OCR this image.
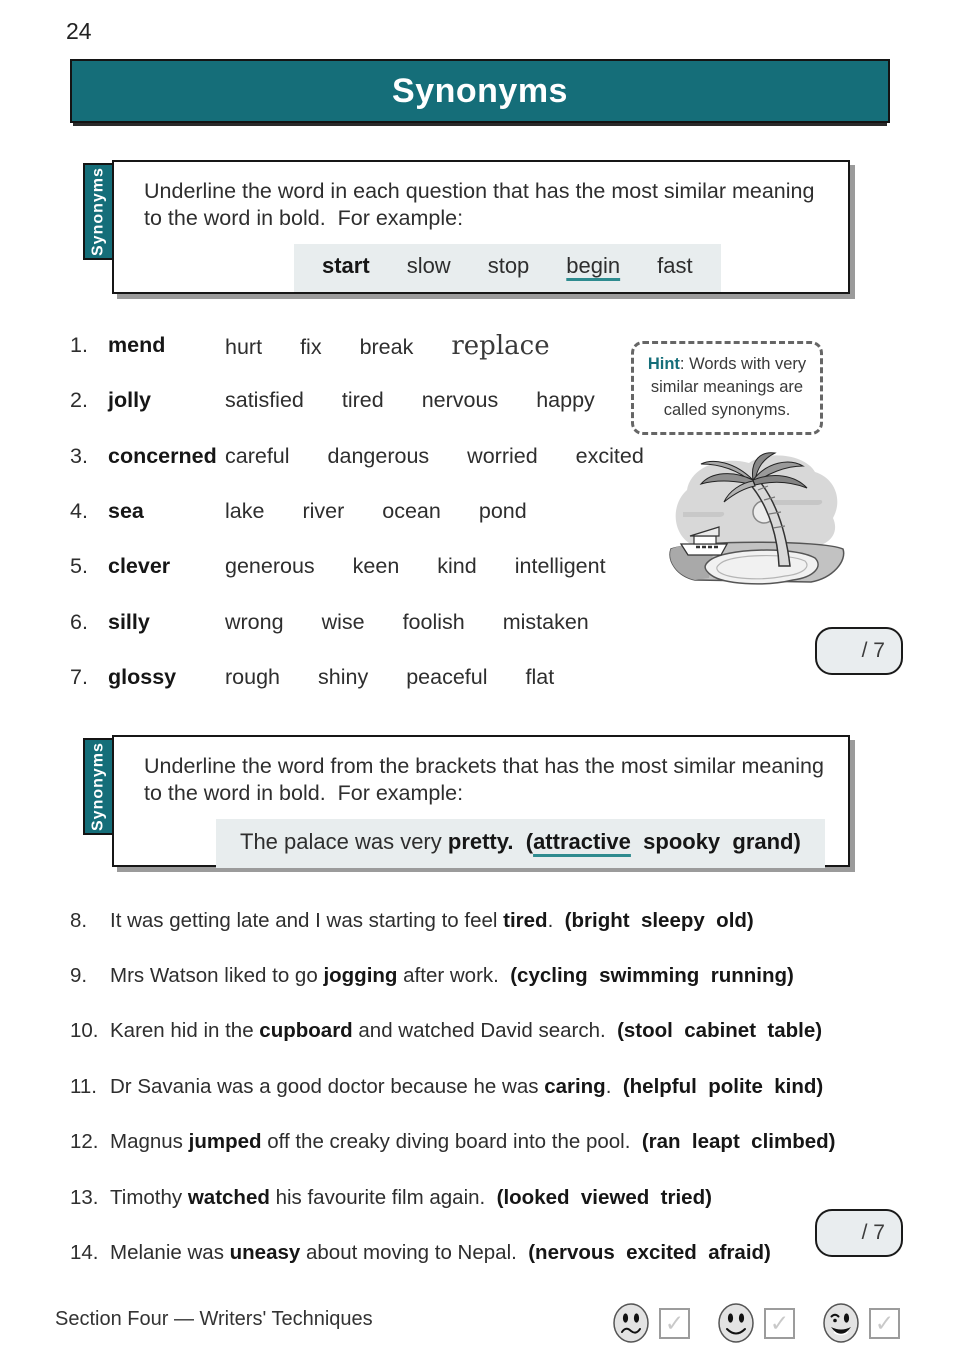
24
Synonyms

Underline the word in each question that has the most similar meaning to the word in bold.  For example:

start slow stop begin fast
Synonyms
1. mend	hurt fix break replace
2. jolly	satisfied tired nervous happy
3. concerned careful dangerous worried excited
4. sea	lake river ocean pond
5. clever	generous keen kind intelligent
6. silly	wrong wise foolish mistaken
7. glossy	rough shiny peaceful flat
Hint: Words with very similar meanings are called synonyms.
/ 7

Underline the word from the brackets that has the most similar meaning to the word in bold.  For example:

The palace was very pretty. (attractive spooky  grand)
Synonyms
8.	It was getting late and I was starting to feel tired.  (bright  sleepy  old)
9.	Mrs Watson liked to go jogging after work.  (cycling  swimming  running)
10. Karen hid in the cupboard and watched David search.  (stool  cabinet  table)
11. Dr Savania was a good doctor because he was caring.  (helpful  polite  kind)
12. Magnus jumped off the creaky diving board into the pool.  (ran  leapt  climbed)
13. Timothy watched his favourite film again.  (looked  viewed  tried)
14. Melanie was uneasy about moving to Nepal.  (nervous  excited  afraid)
/ 7
Section Four — Writers' Techniques	✓	✓	✓
